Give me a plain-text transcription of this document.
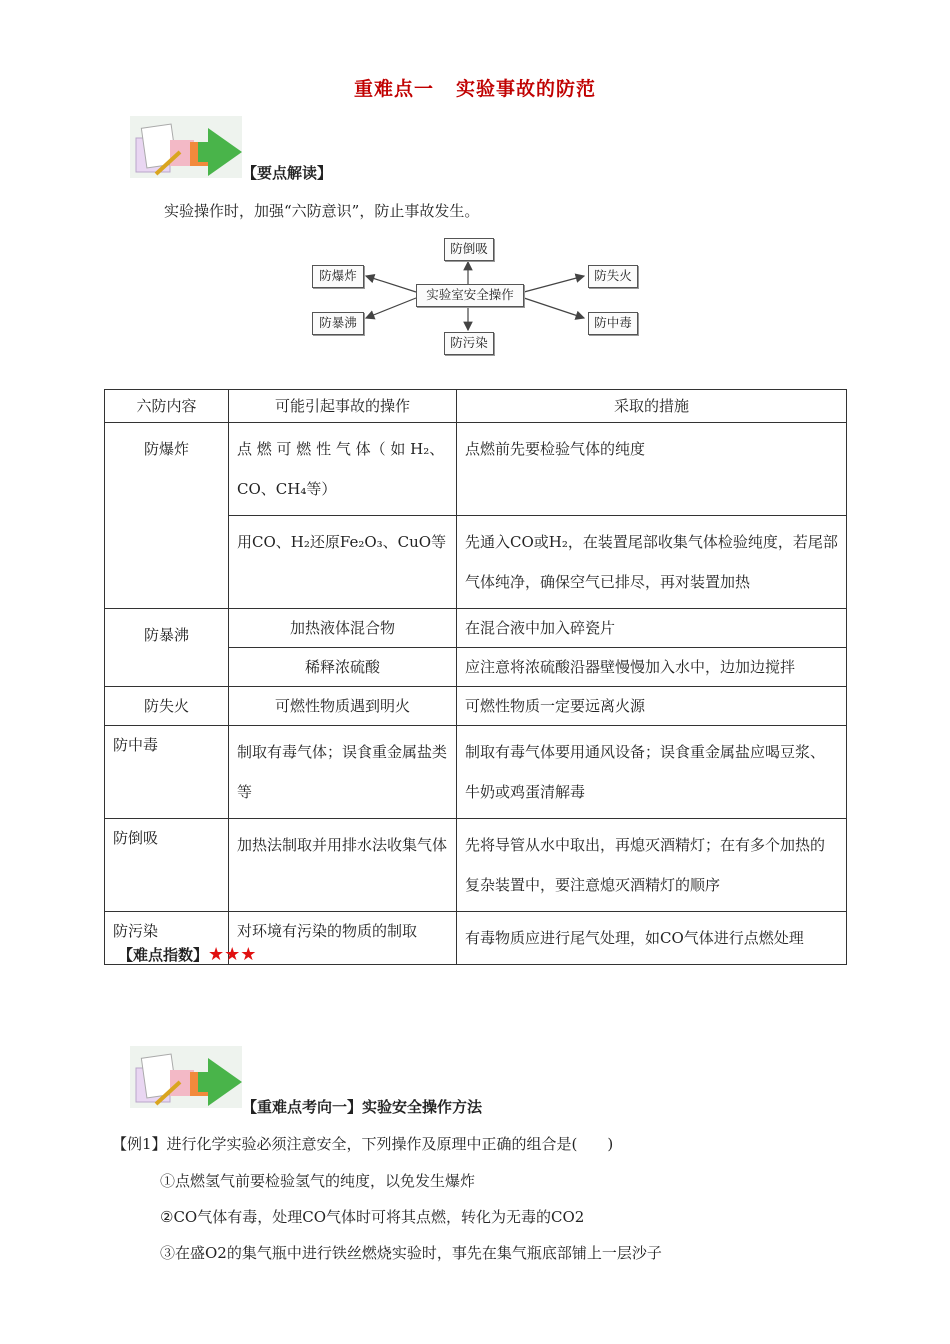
重难点一 实验事故的防范
【要点解读】
实验操作时，加强“六防意识”，防止事故发生。
实验室安全操作
防倒吸
防污染
防爆炸
防暴沸
防失火
防中毒
六防内容	可能引起事故的操作	采取的措施
防爆炸	点 燃 可 燃 性 气 体（ 如 H₂、CO、CH₄等）	点燃前先要检验气体的纯度
	用CO、H₂还原Fe₂O₃、CuO等	先通入CO或H₂，在装置尾部收集气体检验纯度，若尾部气体纯净，确保空气已排尽，再对装置加热
防暴沸	加热液体混合物	在混合液中加入碎瓷片
	稀释浓硫酸	应注意将浓硫酸沿器壁慢慢加入水中，边加边搅拌
防失火	可燃性物质遇到明火	可燃性物质一定要远离火源
防中毒	制取有毒气体；误食重金属盐类等	制取有毒气体要用通风设备；误食重金属盐应喝豆浆、牛奶或鸡蛋清解毒
防倒吸	加热法制取并用排水法收集气体	先将导管从水中取出，再熄灭酒精灯；在有多个加热的复杂装置中，要注意熄灭酒精灯的顺序
防污染	对环境有污染的物质的制取	有毒物质应进行尾气处理，如CO气体进行点燃处理
【难点指数】★★★
【重难点考向一】实验安全操作方法
【例1】进行化学实验必须注意安全，下列操作及原理中正确的组合是(　　)
①点燃氢气前要检验氢气的纯度，以免发生爆炸
②CO气体有毒，处理CO气体时可将其点燃，转化为无毒的CO2
③在盛O2的集气瓶中进行铁丝燃烧实验时，事先在集气瓶底部铺上一层沙子
